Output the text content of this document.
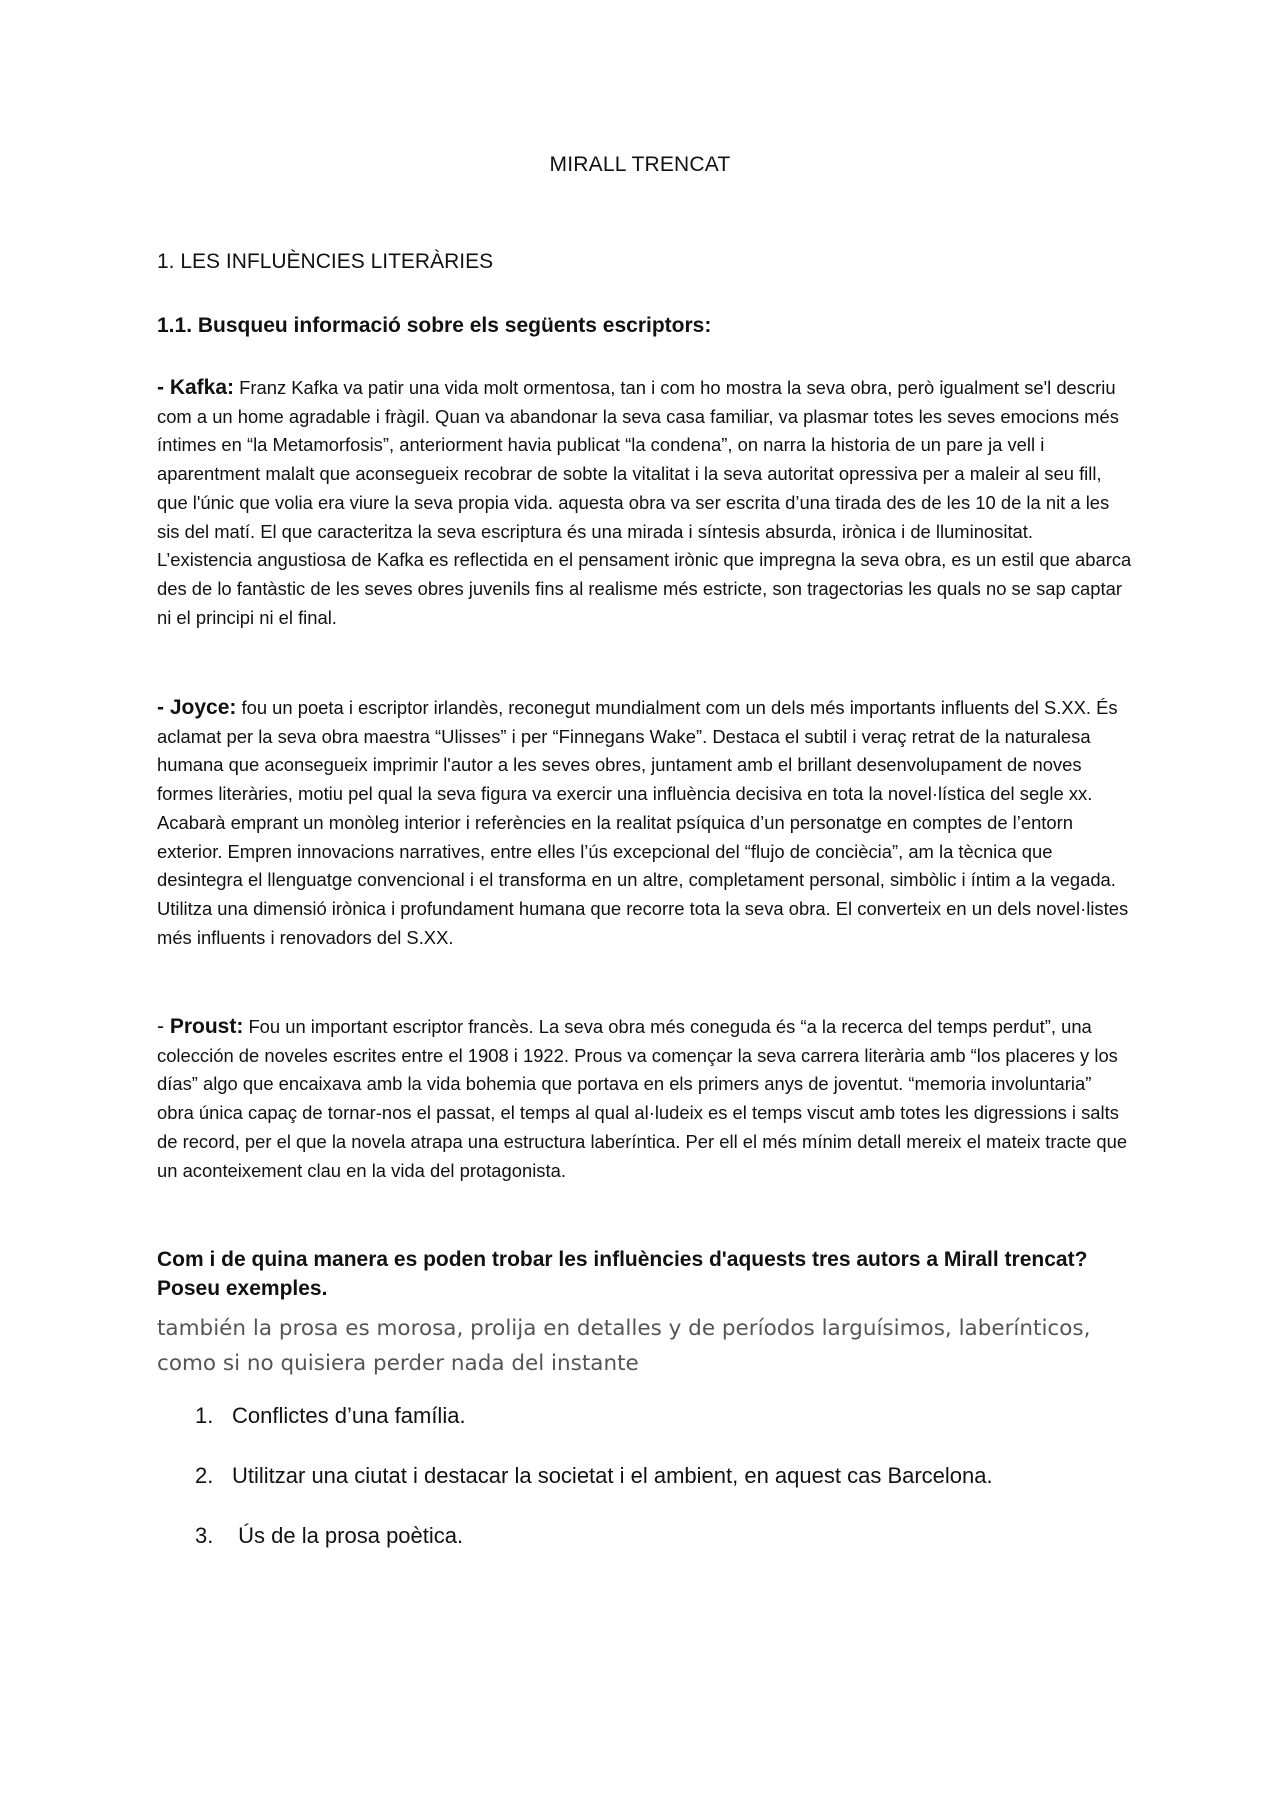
MIRALL TRENCAT
1. LES INFLUÈNCIES LITERÀRIES
1.1. Busqueu informació sobre els següents escriptors:

- Kafka: Franz Kafka va patir una vida molt ormentosa, tan i com ho mostra la seva obra, però igualment se'l descriu com a un home agradable i fràgil. Quan va abandonar la seva casa familiar, va plasmar totes les seves emocions més íntimes en “la Metamorfosis”, anteriorment havia publicat “la condena”, on narra la historia de un pare ja vell i aparentment malalt que aconsegueix recobrar de sobte la vitalitat i la seva autoritat opressiva per a maleir al seu fill, que l'únic que volia era viure la seva propia vida. aquesta obra va ser escrita d’una tirada des de les 10 de la nit a les sis del matí. El que caracteritza la seva escriptura és una mirada i síntesis absurda, irònica i de lluminositat. L’existencia angustiosa de Kafka es reflectida en el pensament irònic que impregna la seva obra, es un estil que abarca des de lo fantàstic de les seves obres juvenils fins al realisme més estricte, son tragectorias les quals no se sap captar ni el principi ni el final.

- Joyce: fou un poeta i escriptor irlandès, reconegut mundialment com un dels més importants influents del S.XX. És aclamat per la seva obra maestra “Ulisses” i per “Finnegans Wake”. Destaca el subtil i veraç retrat de la naturalesa humana que aconsegueix imprimir l'autor a les seves obres, juntament amb el brillant desenvolupament de noves formes literàries, motiu pel qual la seva figura va exercir una influència decisiva en tota la novel·lística del segle xx. Acabarà emprant un monòleg interior i referències en la realitat psíquica d’un personatge en comptes de l’entorn exterior. Empren innovacions narratives, entre elles l’ús excepcional del “flujo de conciècia”, am la tècnica que desintegra el llenguatge convencional i el transforma en un altre, completament personal, simbòlic i íntim a la vegada. Utilitza una dimensió irònica i profundament humana que recorre tota la seva obra. El converteix en un dels novel·listes més influents i renovadors del S.XX.

- Proust: Fou un important escriptor francès. La seva obra més coneguda és “a la recerca del temps perdut”, una colección de noveles escrites entre el 1908 i 1922. Prous va començar la seva carrera literària amb “los placeres y los días” algo que encaixava amb la vida bohemia que portava en els primers anys de joventut. “memoria involuntaria” obra única capaç de tornar-nos el passat, el temps al qual al·ludeix es el temps viscut amb totes les digressions i salts de record, per el que la novela atrapa una estructura laberíntica. Per ell el més mínim detall mereix el mateix tracte que un aconteixement clau en la vida del protagonista.

Com i de quina manera es poden trobar les influències d'aquests tres autors a Mirall trencat? Poseu exemples.

también la prosa es morosa, prolija en detalles y de períodos larguísimos, laberínticos, como si no quisiera perder nada del instante

1. Conflictes d’una família.
2. Utilitzar una ciutat i destacar la societat i el ambient, en aquest cas Barcelona.
3. Ús de la prosa poètica.
